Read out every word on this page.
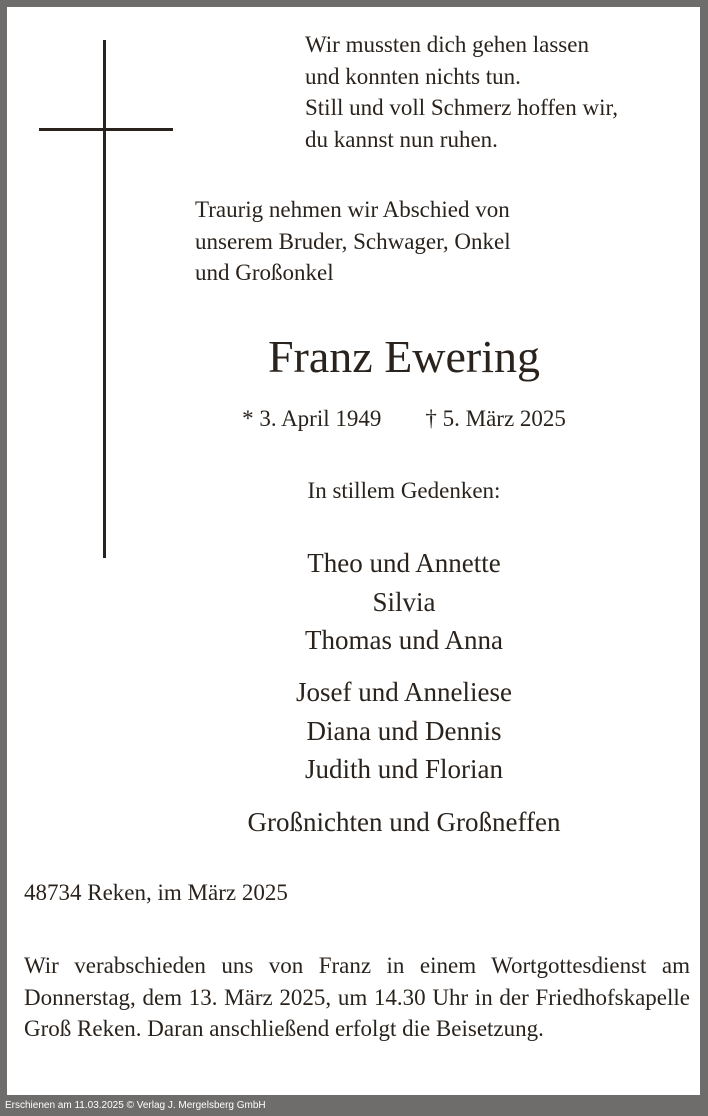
Wir mussten dich gehen lassen
und konnten nichts tun.
Still und voll Schmerz hoffen wir,
du kannst nun ruhen.
Traurig nehmen wir Abschied von
unserem Bruder, Schwager, Onkel
und Großonkel
Franz Ewering
* 3. April 1949 † 5. März 2025
In stillem Gedenken:
Theo und Annette
Silvia
Thomas und Anna
Josef und Anneliese
Diana und Dennis
Judith und Florian
Großnichten und Großneffen
48734 Reken, im März 2025
Wir verabschieden uns von Franz in einem Wortgottesdienst am Donnerstag, dem 13. März 2025, um 14.30 Uhr in der Friedhofskapelle Groß Reken. Daran anschließend erfolgt die Beisetzung.
Erschienen am 11.03.2025 © Verlag J. Mergelsberg GmbH
